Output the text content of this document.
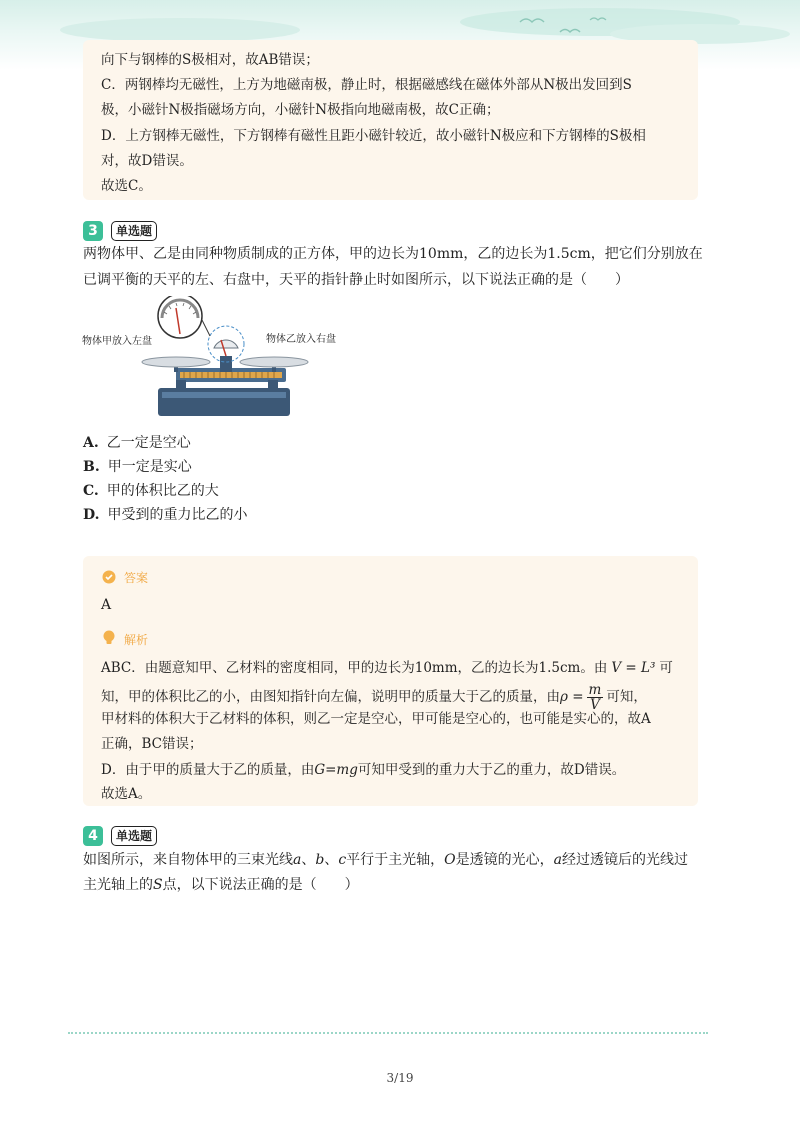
向下与钢棒的S极相对，故AB错误；
C．两钢棒均无磁性，上方为地磁南极，静止时，根据磁感线在磁体外部从N极出发回到S
极，小磁针N极指磁场方向，小磁针N极指向地磁南极，故C正确；
D．上方钢棒无磁性，下方钢棒有磁性且距小磁针较近，故小磁针N极应和下方钢棒的S极相
对，故D错误。
故选C。
3	单选题
两物体甲、乙是由同种物质制成的正方体，甲的边长为10mm，乙的边长为1.5cm，把它们分别放在
已调平衡的天平的左、右盘中，天平的指针静止时如图所示，以下说法正确的是（　　）
物体甲放入左盘	物体乙放入右盘
A. 乙一定是空心
B. 甲一定是实心
C. 甲的体积比乙的大
D. 甲受到的重力比乙的小
答案
A
解析
ABC．由题意知甲、乙材料的密度相同，甲的边长为10mm，乙的边长为1.5cm。由 V = L³ 可
知，甲的体积比乙的小，由图知指针向左偏，说明甲的质量大于乙的质量，由$\rho = \frac{m}{V}$ 可知，
甲材料的体积大于乙材料的体积，则乙一定是空心，甲可能是空心的，也可能是实心的，故A
正确，BC错误；
D．由于甲的质量大于乙的质量，由G=mg可知甲受到的重力大于乙的重力，故D错误。
故选A。
4	单选题
如图所示，来自物体甲的三束光线a、b、c平行于主光轴，O是透镜的光心，a经过透镜后的光线过
主光轴上的S点，以下说法正确的是（　　）
3/19
